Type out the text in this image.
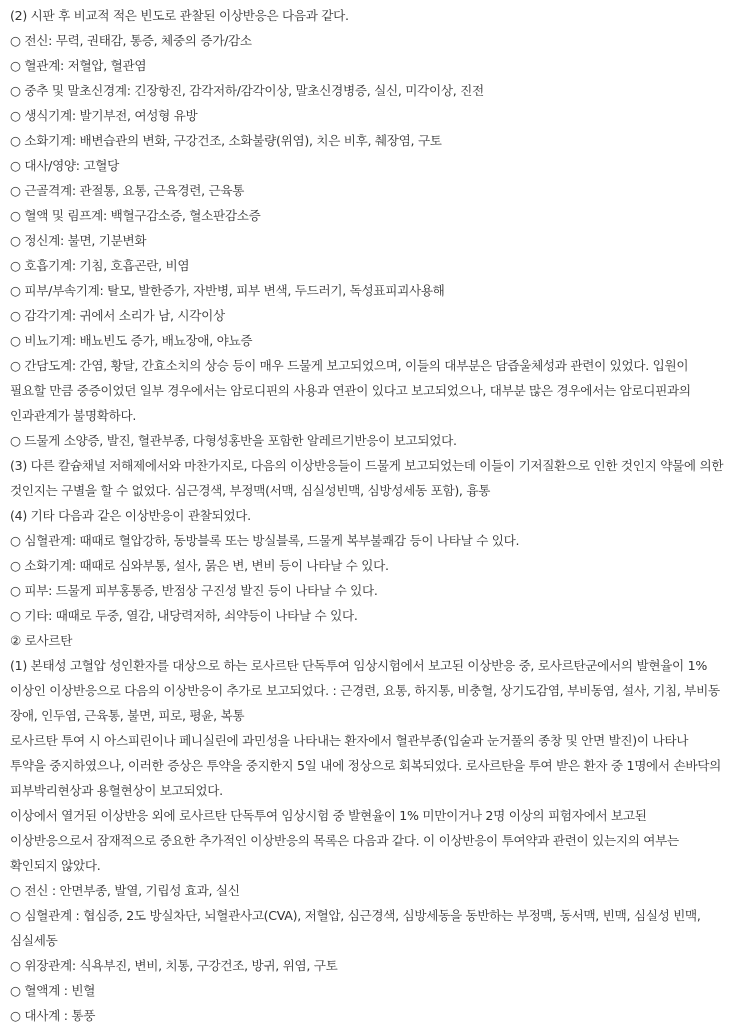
(2) 시판 후 비교적 적은 빈도로 관찰된 이상반응은 다음과 같다.

○ 전신: 무력, 권태감, 통증, 체중의 증가/감소

○ 혈관계: 저혈압, 혈관염

○ 중추 및 말초신경계: 긴장항진, 감각저하/감각이상, 말초신경병증, 실신, 미각이상, 진전

○ 생식기계: 발기부전, 여성형 유방

○ 소화기계: 배변습관의 변화, 구강건조, 소화불량(위염), 치은 비후, 췌장염, 구토

○ 대사/영양: 고혈당

○ 근골격계: 관절통, 요통, 근육경련, 근육통

○ 혈액 및 림프계: 백혈구감소증, 혈소판감소증

○ 정신계: 불면, 기분변화

○ 호흡기계: 기침, 호흡곤란, 비염

○ 피부/부속기계: 탈모, 발한증가, 자반병, 피부 변색, 두드러기, 독성표피괴사용해

○ 감각기계: 귀에서 소리가 남, 시각이상

○ 비뇨기계: 배뇨빈도 증가, 배뇨장애, 야뇨증

○ 간담도계: 간염, 황달, 간효소치의 상승 등이 매우 드물게 보고되었으며, 이들의 대부분은 담즙울체성과 관련이 있었다. 입원이 필요할 만큼 중증이었던 일부 경우에서는 암로디핀의 사용과 연관이 있다고 보고되었으나, 대부분 많은 경우에서는 암로디핀과의 인과관계가 불명확하다.

○ 드물게 소양증, 발진, 혈관부종, 다형성홍반을 포함한 알레르기반응이 보고되었다.

(3) 다른 칼슘채널 저해제에서와 마찬가지로, 다음의 이상반응들이 드물게 보고되었는데 이들이 기저질환으로 인한 것인지 약물에 의한 것인지는 구별을 할 수 없었다. 심근경색, 부정맥(서맥, 심실성빈맥, 심방성세동 포함), 흉통

(4) 기타 다음과 같은 이상반응이 관찰되었다.

○ 심혈관계: 때때로 혈압강하, 동방블록 또는 방실블록, 드물게 복부불쾌감 등이 나타날 수 있다.

○ 소화기계: 때때로 심와부통, 설사, 묽은 변, 변비 등이 나타날 수 있다.

○ 피부: 드물게 피부홍통증, 반점상 구진성 발진 등이 나타날 수 있다.

○ 기타: 때때로 두중, 열감, 내당력저하, 쇠약등이 나타날 수 있다.

② 로사르탄

(1) 본태성 고혈압 성인환자를 대상으로 하는 로사르탄 단독투여 임상시험에서 보고된 이상반응 중, 로사르탄군에서의 발현율이 1% 이상인 이상반응으로 다음의 이상반응이 추가로 보고되었다. : 근경련, 요통, 하지통, 비충혈, 상기도감염, 부비동염, 설사, 기침, 부비동 장애, 인두염, 근육통, 불면, 피로, 평윤, 복통

로사르탄 투여 시 아스피린이나 페니실린에 과민성을 나타내는 환자에서 혈관부종(입술과 눈거풀의 종창 및 안면 발진)이 나타나 투약을 중지하였으나, 이러한 증상은 투약을 중지한지 5일 내에 정상으로 회복되었다. 로사르탄을 투여 받은 환자 중 1명에서 손바닥의 피부박리현상과 용혈현상이 보고되었다.

이상에서 열거된 이상반응 외에 로사르탄 단독투여 임상시험 중 발현율이 1% 미만이거나 2명 이상의 피험자에서 보고된 이상반응으로서 잠재적으로 중요한 추가적인 이상반응의 목록은 다음과 같다. 이 이상반응이 투여약과 관련이 있는지의 여부는 확인되지 않았다.

○ 전신 : 안면부종, 발열, 기립성 효과, 실신

○ 심혈관계 : 협심증, 2도 방실차단, 뇌혈관사고(CVA), 저혈압, 심근경색, 심방세동을 동반하는 부정맥, 동서맥, 빈맥, 심실성 빈맥, 심실세동

○ 위장관계: 식욕부진, 변비, 치통, 구강건조, 방귀, 위염, 구토

○ 혈액계 : 빈혈

○ 대사계 : 통풍
